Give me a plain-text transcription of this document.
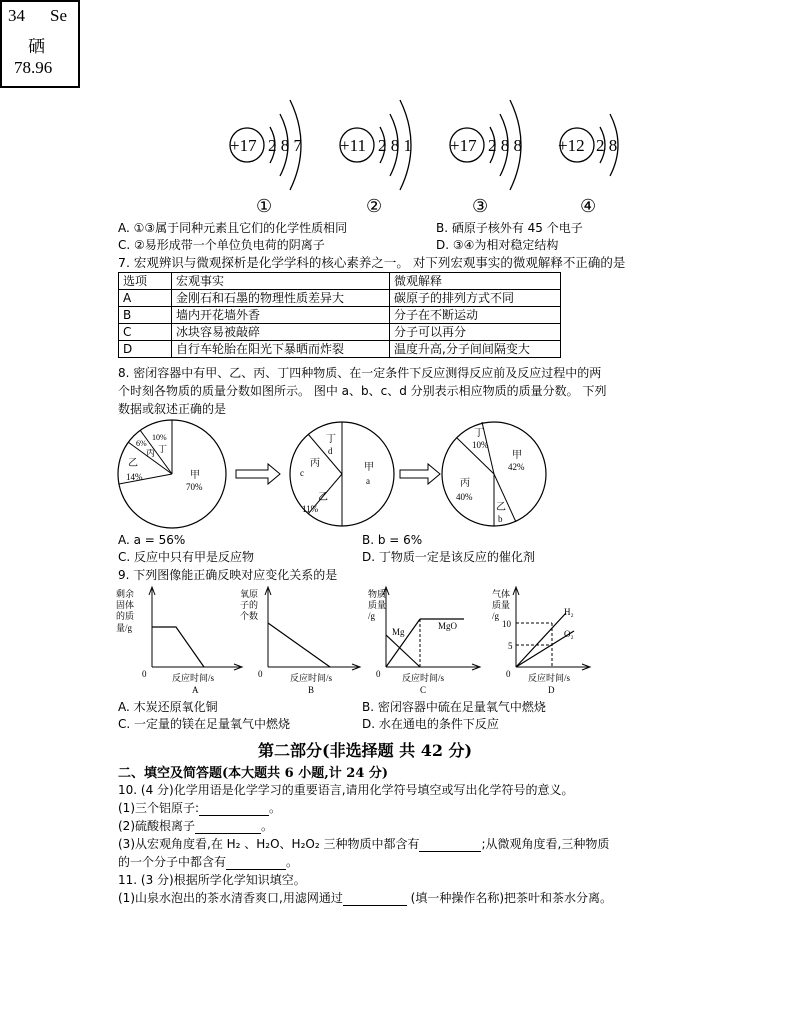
34 Se
硒
78.96
+17 2 8 7
①
+11 2 8 1
②
+17 2 8 8
③
+12 2 8
④
A. ①③属于同种元素且它们的化学性质相同	B. 硒原子核外有 45 个电子
C. ②易形成带一个单位负电荷的阴离子	D. ③④为相对稳定结构
7. 宏观辨识与微观探析是化学学科的核心素养之一。 对下列宏观事实的微观解释不正确的是
选项	宏观事实	微观解释
A	金刚石和石墨的物理性质差异大	碳原子的排列方式不同
B	墙内开花墙外香	分子在不断运动
C	冰块容易被敲碎	分子可以再分
D	自行车轮胎在阳光下暴晒而炸裂	温度升高,分子间间隔变大
8. 密闭容器中有甲、乙、丙、丁四种物质、在一定条件下反应测得反应前及反应过程中的两
个时刻各物质的质量分数如图所示。 图中 a、b、c、d 分别表示相应物质的质量分数。 下列
数据或叙述正确的是
甲
70%
乙
14%
丙
6%
10%
丁
甲
a
丙
c
丁
d
乙
11%
甲
42%
丁
10%
丙
40%
乙
b
A. a = 56%	B. b = 6%
C. 反应中只有甲是反应物	D. 丁物质一定是该反应的催化剂
9. 下列图像能正确反映对应变化关系的是
剩余
固体
的质
量/g
0	反应时间/s
A
氧原
子的
个数
0	反应时间/s
B
物质
质量
/g
Mg
MgO
0 反应时间/s
C
气体
质量
/g
10
5
H₂
O₂
0 反应时间/s
D
A. 木炭还原氧化铜	B. 密闭容器中硫在足量氧气中燃烧
C. 一定量的镁在足量氧气中燃烧	D. 水在通电的条件下反应
第二部分(非选择题 共 42 分)
二、填空及简答题(本大题共 6 小题,计 24 分)
10. (4 分)化学用语是化学学习的重要语言,请用化学符号填空或写出化学符号的意义。
(1)三个铝原子:	。
(2)硫酸根离子	。
(3)从宏观角度看,在 H₂ 、H₂O、H₂O₂ 三种物质中都含有	;从微观角度看,三种物质
的一个分子中都含有	。
11. (3 分)根据所学化学知识填空。
(1)山泉水泡出的茶水清香爽口,用滤网通过	(填一种操作名称)把茶叶和茶水分离。
